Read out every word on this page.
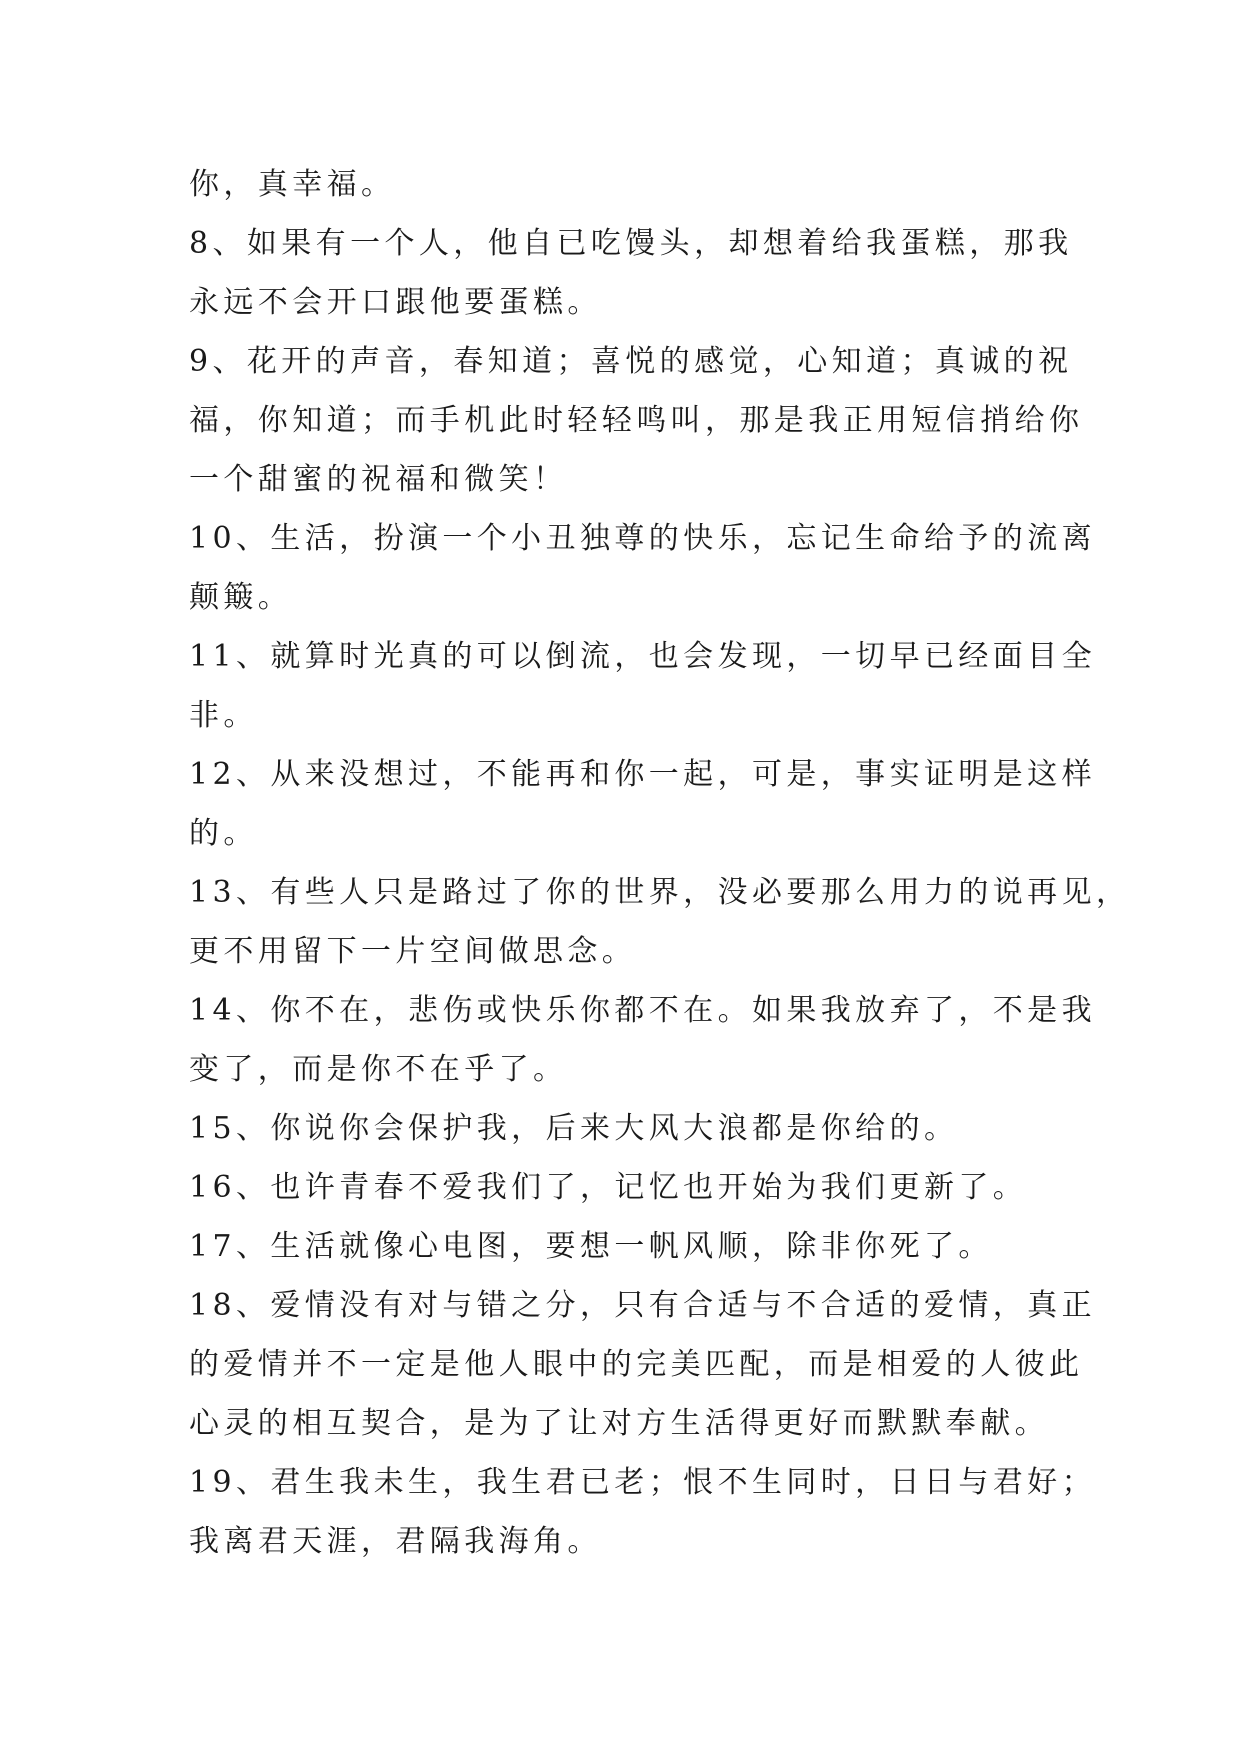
你，真幸福。

8、如果有一个人，他自已吃馒头，却想着给我蛋糕，那我

永远不会开口跟他要蛋糕。

9、花开的声音，春知道；喜悦的感觉，心知道；真诚的祝

福，你知道；而手机此时轻轻鸣叫，那是我正用短信捎给你

一个甜蜜的祝福和微笑！

10、生活，扮演一个小丑独尊的快乐，忘记生命给予的流离

颠簸。

11、就算时光真的可以倒流，也会发现，一切早已经面目全

非。

12、从来没想过，不能再和你一起，可是，事实证明是这样

的。

13、有些人只是路过了你的世界，没必要那么用力的说再见，

更不用留下一片空间做思念。

14、你不在，悲伤或快乐你都不在。如果我放弃了，不是我

变了，而是你不在乎了。

15、你说你会保护我，后来大风大浪都是你给的。

16、也许青春不爱我们了，记忆也开始为我们更新了。

17、生活就像心电图，要想一帆风顺，除非你死了。

18、爱情没有对与错之分，只有合适与不合适的爱情，真正

的爱情并不一定是他人眼中的完美匹配，而是相爱的人彼此

心灵的相互契合，是为了让对方生活得更好而默默奉献。

19、君生我未生，我生君已老；恨不生同时，日日与君好；

我离君天涯，君隔我海角。
